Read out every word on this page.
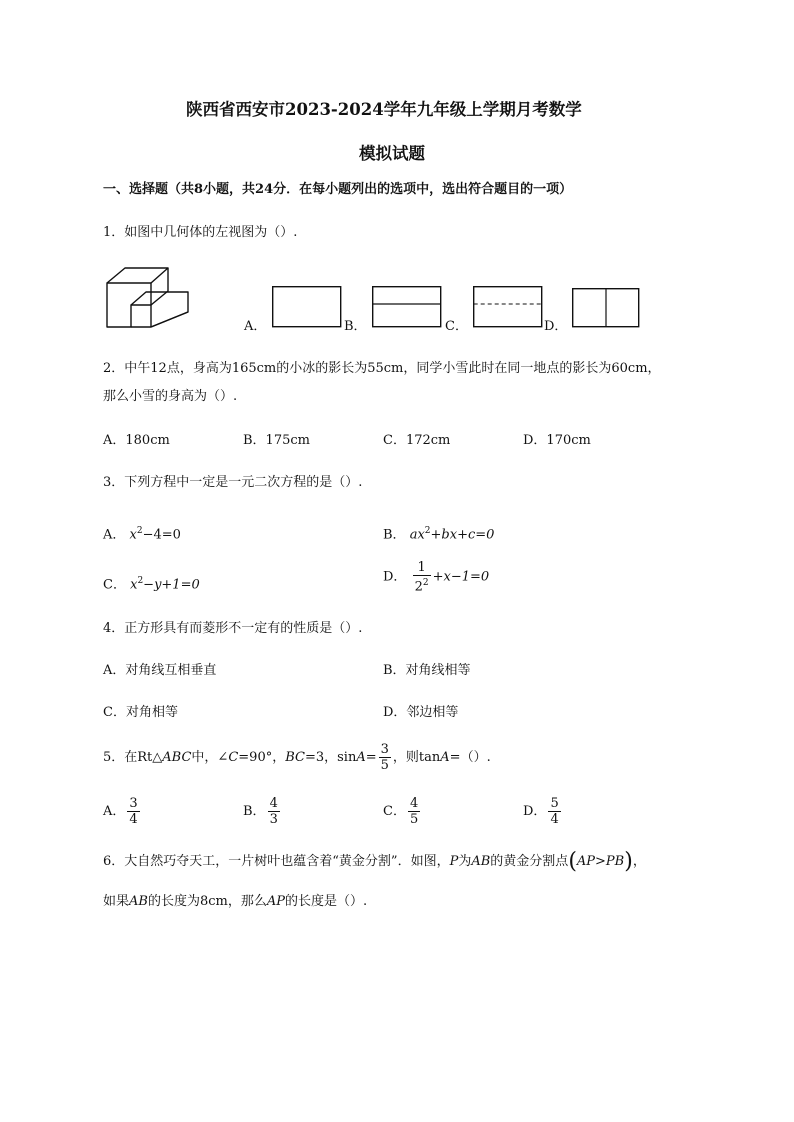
陕西省西安市2023-2024学年九年级上学期月考数学
模拟试题
一、选择题（共8小题，共24分．在每小题列出的选项中，选出符合题目的一项）
1．如图中几何体的左视图为（）.
A．	B．	C．	D．
2．中午12点，身高为165cm的小冰的影长为55cm，同学小雪此时在同一地点的影长为60cm，
那么小雪的身高为（）.
A．180cm	B．175cm	C．172cm	D．170cm
3．下列方程中一定是一元二次方程的是（）.
A． $x^2-4=0$	B． $ax^2+bx+c=0$
C． $x^2-y+1=0$
D． $\frac{1}{2^2} +x-1=0$
4．正方形具有而菱形不一定有的性质是（）.
A．对角线互相垂直	B．对角线相等
C．对角相等	D．邻边相等
5．在Rt△ABC中，∠C=90°，BC=3，$\sin A= \frac{3}{5}$ ，则tanA=（）.
A． $\frac{3}{4}$	B． $\frac{4}{3}$	C． $\frac{4}{5}$	D． $\frac{5}{4}$
6．大自然巧夺天工，一片树叶也蕴含着“黄金分割”．如图，P为AB的黄金分割点(AP>PB)，
如果AB的长度为8cm，那么AP的长度是（）.
